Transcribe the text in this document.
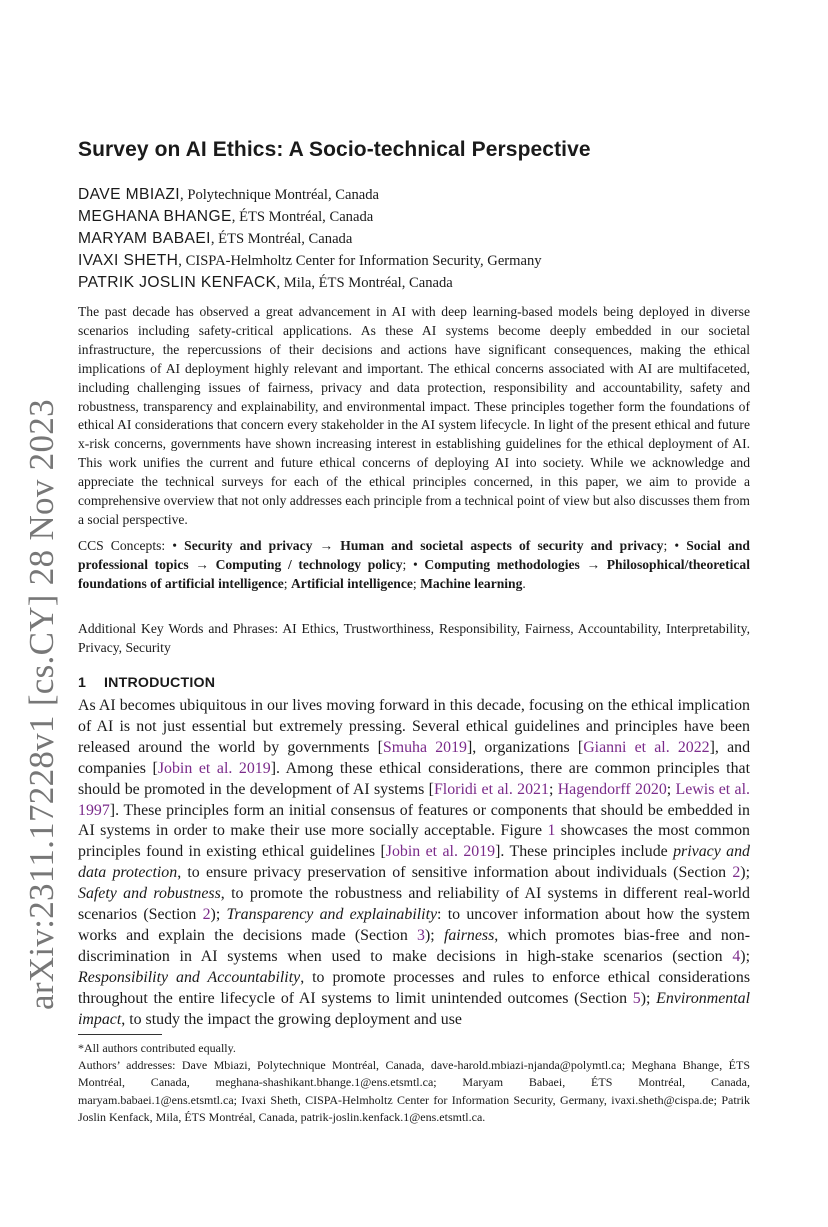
arXiv:2311.17228v1 [cs.CY] 28 Nov 2023
Survey on AI Ethics: A Socio-technical Perspective
DAVE MBIAZI, Polytechnique Montréal, Canada
MEGHANA BHANGE, ÉTS Montréal, Canada
MARYAM BABAEI, ÉTS Montréal, Canada
IVAXI SHETH, CISPA-Helmholtz Center for Information Security, Germany
PATRIK JOSLIN KENFACK, Mila, ÉTS Montréal, Canada

The past decade has observed a great advancement in AI with deep learning-based models being deployed in diverse scenarios including safety-critical applications. As these AI systems become deeply embedded in our societal infrastructure, the repercussions of their decisions and actions have significant consequences, making the ethical implications of AI deployment highly relevant and important. The ethical concerns associated with AI are multifaceted, including challenging issues of fairness, privacy and data protection, responsibility and accountability, safety and robustness, transparency and explainability, and environmental impact. These principles together form the foundations of ethical AI considerations that concern every stakeholder in the AI system lifecycle. In light of the present ethical and future x-risk concerns, governments have shown increasing interest in establishing guidelines for the ethical deployment of AI. This work unifies the current and future ethical concerns of deploying AI into society. While we acknowledge and appreciate the technical surveys for each of the ethical principles concerned, in this paper, we aim to provide a comprehensive overview that not only addresses each principle from a technical point of view but also discusses them from a social perspective.

CCS Concepts: • Security and privacy → Human and societal aspects of security and privacy; • Social and professional topics → Computing / technology policy; • Computing methodologies → Philosophical/theoretical foundations of artificial intelligence; Artificial intelligence; Machine learning.

Additional Key Words and Phrases: AI Ethics, Trustworthiness, Responsibility, Fairness, Accountability, Interpretability, Privacy, Security

1 INTRODUCTION

As AI becomes ubiquitous in our lives moving forward in this decade, focusing on the ethical implication of AI is not just essential but extremely pressing. Several ethical guidelines and principles have been released around the world by governments [Smuha 2019], organizations [Gianni et al. 2022], and companies [Jobin et al. 2019]. Among these ethical considerations, there are common principles that should be promoted in the development of AI systems [Floridi et al. 2021; Hagendorff 2020; Lewis et al. 1997]. These principles form an initial consensus of features or components that should be embedded in AI systems in order to make their use more socially acceptable. Figure 1 showcases the most common principles found in existing ethical guidelines [Jobin et al. 2019]. These principles include privacy and data protection, to ensure privacy preservation of sensitive information about individuals (Section 2); Safety and robustness, to promote the robustness and reliability of AI systems in different real-world scenarios (Section 2); Transparency and explainability: to uncover information about how the system works and explain the decisions made (Section 3); fairness, which promotes bias-free and non-discrimination in AI systems when used to make decisions in high-stake scenarios (section 4); Responsibility and Accountability, to promote processes and rules to enforce ethical considerations throughout the entire lifecycle of AI systems to limit unintended outcomes (Section 5); Environmental impact, to study the impact the growing deployment and use

*All authors contributed equally.

Authors’ addresses: Dave Mbiazi, Polytechnique Montréal, Canada, dave-harold.mbiazi-njanda@polymtl.ca; Meghana Bhange, ÉTS Montréal, Canada, meghana-shashikant.bhange.1@ens.etsmtl.ca; Maryam Babaei, ÉTS Montréal, Canada, maryam.babaei.1@ens.etsmtl.ca; Ivaxi Sheth, CISPA-Helmholtz Center for Information Security, Germany, ivaxi.sheth@cispa.de; Patrik Joslin Kenfack, Mila, ÉTS Montréal, Canada, patrik-joslin.kenfack.1@ens.etsmtl.ca.
